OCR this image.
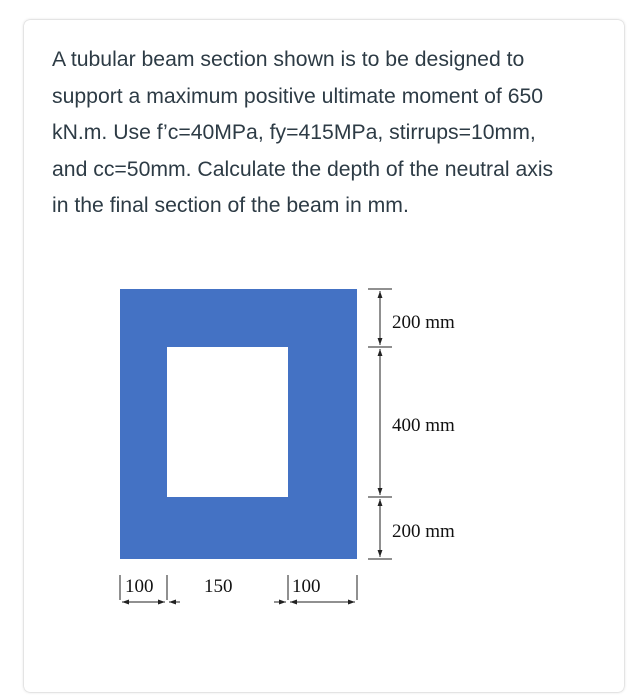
A tubular beam section shown is to be designed to
support a maximum positive ultimate moment of 650
kN.m. Use f’c=40MPa, fy=415MPa, stirrups=10mm,
and cc=50mm. Calculate the depth of the neutral axis
in the final section of the beam in mm.

200 mm
400 mm
200 mm
100	150	100
